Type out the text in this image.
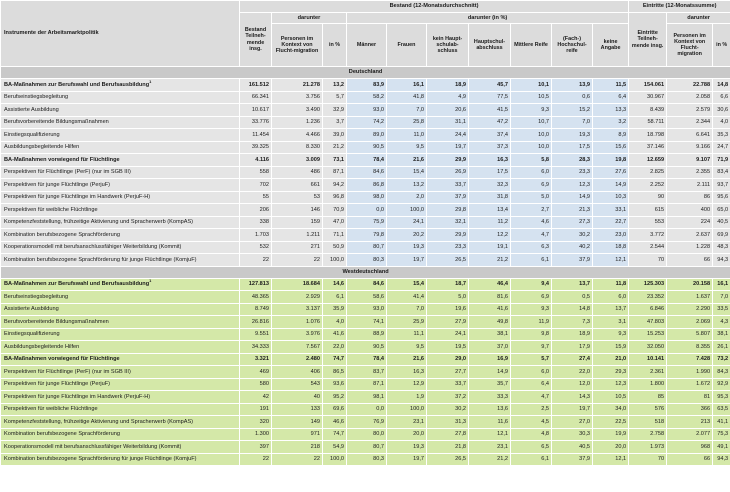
Instrumente der Arbeitsmarktpolitik	Bestand (12-Monatsdurchschnitt)										Eintritte (12-Monatssumme)		
	Bestand Teilneh-mende insg.	darunter		darunter (in %)							Eintritte Teilneh-mende insg.	darunter	
		Personen im Kontext von Flucht-migration	in %	Männer	Frauen	kein Haupt-schulab-schluss	Hauptschul-abschluss	Mittlere Reife	(Fach-) Hochschul-reife	keine Angabe			
												Personen im Kontext von Flucht-migration	in %
Deutschland													
BA-Maßnahmen zur Berufswahl und Berufsausbildung$^1$	161.512	21.278	13,2	83,9	16,1	18,9	45,7	10,1	13,9	11,5	154.061	22.788	14,8
Berufseinstiegsbegleitung	66.341	3.756	5,7	58,2	41,8	4,9	77,5	10,5	0,6	6,4	30.967	2.058	6,6
Assistierte Ausbildung	10.617	3.490	32,9	93,0	7,0	20,6	41,5	9,3	15,2	13,3	8.439	2.579	30,6
Berufsvorbereitende Bildungsmaßnahmen	33.776	1.236	3,7	74,2	25,8	31,1	47,2	10,7	7,0	3,2	58.711	2.344	4,0
Einstiegsqualifizierung	11.454	4.466	39,0	89,0	11,0	24,4	37,4	10,0	19,3	8,9	18.798	6.641	35,3
Ausbildungsbegleitende Hilfen	39.325	8.330	21,2	90,5	9,5	19,7	37,3	10,0	17,5	15,6	37.146	9.166	24,7
BA-Maßnahmen vorwiegend für Flüchtlinge	4.116	3.009	73,1	78,4	21,6	29,9	16,3	5,8	28,3	19,8	12.659	9.107	71,9
Perspektiven für Flüchtlinge (PerF) (nur im SGB III)	558	486	87,1	84,6	15,4	26,9	17,5	6,0	23,3	27,6	2.825	2.355	83,4
Perspektiven für junge Flüchtlinge (PerjuF)	702	661	94,2	86,8	13,2	33,7	32,3	6,9	12,3	14,9	2.252	2.111	93,7
Perspektiven für junge Flüchtlinge im Handwerk (PerjuF-H)	55	53	96,8	98,0	2,0	37,9	31,8	5,0	14,9	10,3	90	86	95,6
Perspektiven für weibliche Flüchtlinge	206	146	70,9	0,0	100,0	29,8	13,4	2,7	21,3	33,1	615	400	65,0
Kompetenzfeststellung, frühzeitige Aktivierung und Spracherwerb (KompAS)	338	159	47,0	75,9	24,1	32,1	11,2	4,6	27,3	22,7	553	224	40,5
Kombination berufsbezogene Sprachförderung	1.703	1.211	71,1	79,8	20,2	29,9	12,2	4,7	30,2	23,0	3.772	2.637	69,9
Kooperationsmodell mit berufsanschlussfähiger Weiterbildung (Kommit)	532	271	50,9	80,7	19,3	23,3	19,1	6,3	40,2	18,8	2.544	1.228	48,3
Kombination berufsbezogene Sprachförderung für junge Flüchtlinge (KomjuF)	22	22	100,0	80,3	19,7	26,5	21,2	6,1	37,9	12,1	70	66	94,3
Westdeutschland													
BA-Maßnahmen zur Berufswahl und Berufsausbildung$^1$	127.813	18.684	14,6	84,6	15,4	18,7	46,4	9,4	13,7	11,8	125.303	20.158	16,1
Berufseinstiegsbegleitung	48.365	2.929	6,1	58,6	41,4	5,0	81,6	6,9	0,5	6,0	23.352	1.637	7,0
Assistierte Ausbildung	8.749	3.137	35,9	93,0	7,0	19,6	41,6	9,3	14,8	13,7	6.846	2.290	33,5
Berufsvorbereitende Bildungsmaßnahmen	26.816	1.076	4,0	74,1	25,9	27,9	49,8	11,9	7,3	3,1	47.803	2.069	4,3
Einstiegsqualifizierung	9.551	3.976	41,6	88,9	11,1	24,1	38,1	9,8	18,9	9,3	15.253	5.807	38,1
Ausbildungsbegleitende Hilfen	34.333	7.567	22,0	90,5	9,5	19,5	37,0	9,7	17,9	15,9	32.050	8.355	26,1
BA-Maßnahmen vorwiegend für Flüchtlinge	3.321	2.480	74,7	78,4	21,6	29,0	16,9	5,7	27,4	21,0	10.141	7.428	73,2
Perspektiven für Flüchtlinge (PerF) (nur im SGB III)	469	406	86,5	83,7	16,3	27,7	14,9	6,0	22,0	29,3	2.361	1.990	84,3
Perspektiven für junge Flüchtlinge (PerjuF)	580	543	93,6	87,1	12,9	33,7	35,7	6,4	12,0	12,3	1.800	1.672	92,9
Perspektiven für junge Flüchtlinge im Handwerk (PerjuF-H)	42	40	95,2	98,1	1,9	37,2	33,3	4,7	14,3	10,5	85	81	95,3
Perspektiven für weibliche Flüchtlinge	191	133	69,6	0,0	100,0	30,2	13,6	2,5	19,7	34,0	576	366	63,5
Kompetenzfeststellung, frühzeitige Aktivierung und Spracherwerb (KompAS)	320	149	46,6	76,9	23,1	31,3	11,6	4,5	27,0	22,5	518	213	41,1
Kombination berufsbezogene Sprachförderung	1.300	971	74,7	80,0	20,0	27,8	12,1	4,8	30,3	19,9	2.758	2.077	75,3
Kooperationsmodell mit berufsanschlussfähiger Weiterbildung (Kommit)	397	218	54,9	80,7	19,3	21,8	23,1	6,5	40,5	20,0	1.973	968	49,1
Kombination berufsbezogene Sprachförderung für junge Flüchtlinge (KomjuF)	22	22	100,0	80,3	19,7	26,5	21,2	6,1	37,9	12,1	70	66	94,3
